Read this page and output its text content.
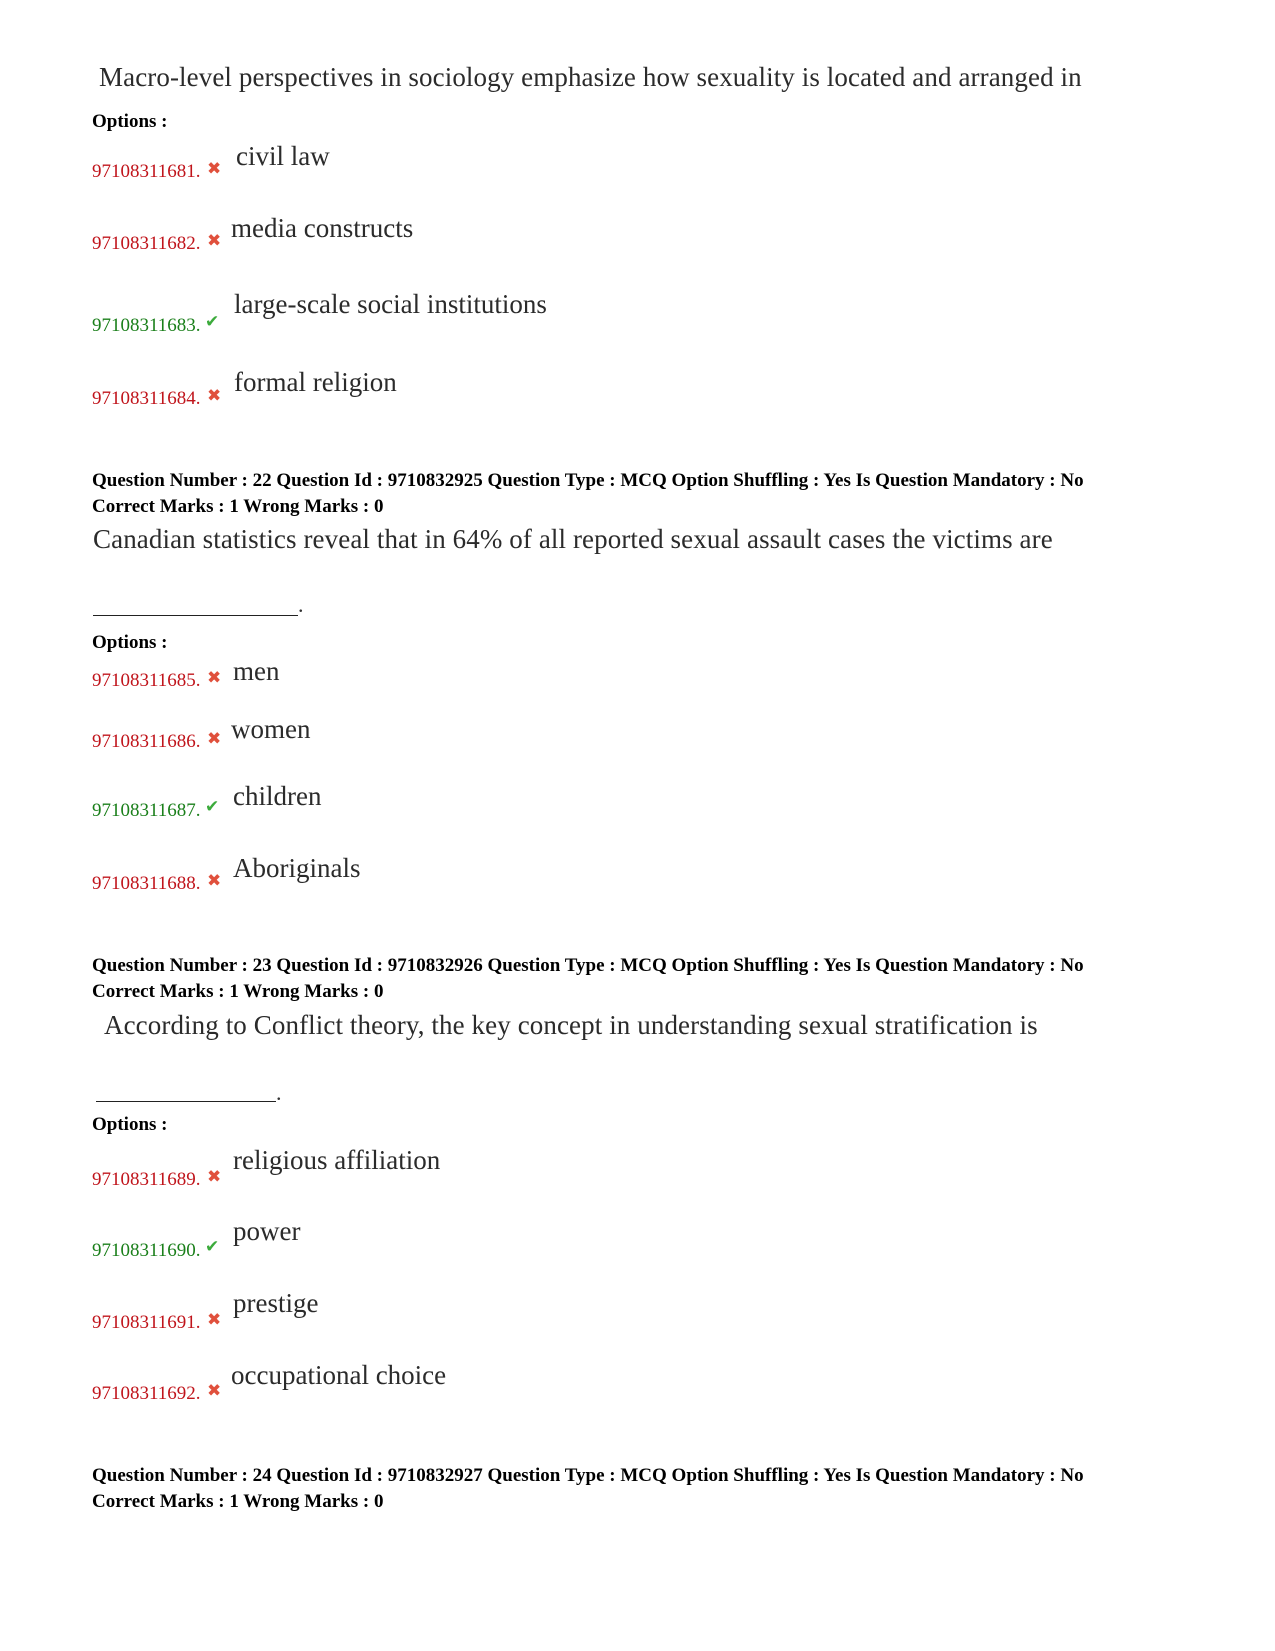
Macro-level perspectives in sociology emphasize how sexuality is located and arranged in
Options :
97108311681. ✖ civil law
97108311682. ✖ media constructs
97108311683. ✔
large-scale social institutions
97108311684. ✖ formal religion
Question Number : 22 Question Id : 9710832925 Question Type : MCQ Option Shuffling : Yes Is Question Mandatory : No
Correct Marks : 1 Wrong Marks : 0
Canadian statistics reveal that in 64% of all reported sexual assault cases the victims are
.
Options :
97108311685. ✖ men
97108311686. ✖ women
97108311687. ✔ children
97108311688. ✖ Aboriginals
Question Number : 23 Question Id : 9710832926 Question Type : MCQ Option Shuffling : Yes Is Question Mandatory : No
Correct Marks : 1 Wrong Marks : 0
According to Conflict theory, the key concept in understanding sexual stratification is
.
Options :
97108311689. ✖
religious affiliation
97108311690. ✔
power
97108311691. ✖
prestige
97108311692. ✖
occupational choice
Question Number : 24 Question Id : 9710832927 Question Type : MCQ Option Shuffling : Yes Is Question Mandatory : No
Correct Marks : 1 Wrong Marks : 0
